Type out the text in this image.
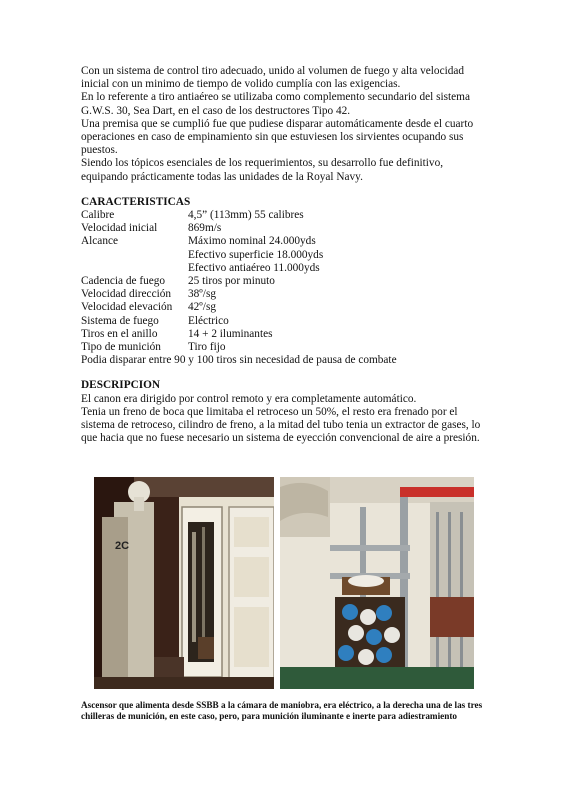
Con un sistema de control tiro adecuado, unido al volumen de fuego y alta velocidad inicial con un minimo de tiempo de volido cumplía con las exigencias.

En lo referente a tiro antiaéreo se utilizaba como complemento secundario del sistema G.W.S. 30, Sea Dart, en el caso de los destructores Tipo 42.

Una premisa que se cumplió fue que pudiese disparar automáticamente desde el cuarto operaciones en caso de empinamiento sin que estuviesen los sirvientes ocupando sus puestos.

Siendo los tópicos esenciales de los requerimientos, su desarrollo fue definitivo, equipando prácticamente todas las unidades de la Royal Navy.

CARACTERISTICAS

Calibre	4,5” (113mm) 55 calibres
Velocidad inicial	869m/s
Alcance	Máximo nominal 24.000yds
Efectivo superficie 18.000yds
Efectivo antiaéreo 11.000yds
Cadencia de fuego	25 tiros por minuto
Velocidad dirección	38º/sg
Velocidad elevación	42º/sg
Sistema de fuego	Eléctrico
Tiros en el anillo	14 + 2 iluminantes
Tipo de munición	Tiro fijo

Podia disparar entre 90 y 100 tiros sin necesidad de pausa de combate

DESCRIPCION

El canon era dirigido por control remoto y era completamente automático.

Tenia un freno de boca que limitaba el retroceso un 50%, el resto era frenado por el sistema de retroceso, cilindro de freno, a la mitad del tubo tenia un extractor de gases, lo que hacia que no fuese necesario un sistema de eyección convencional de aire a presión.

2C

Ascensor que alimenta desde SSBB a la cámara de maniobra, era eléctrico, a la derecha una de las tres chilleras de munición, en este caso, pero, para munición iluminante e inerte para adiestramiento
